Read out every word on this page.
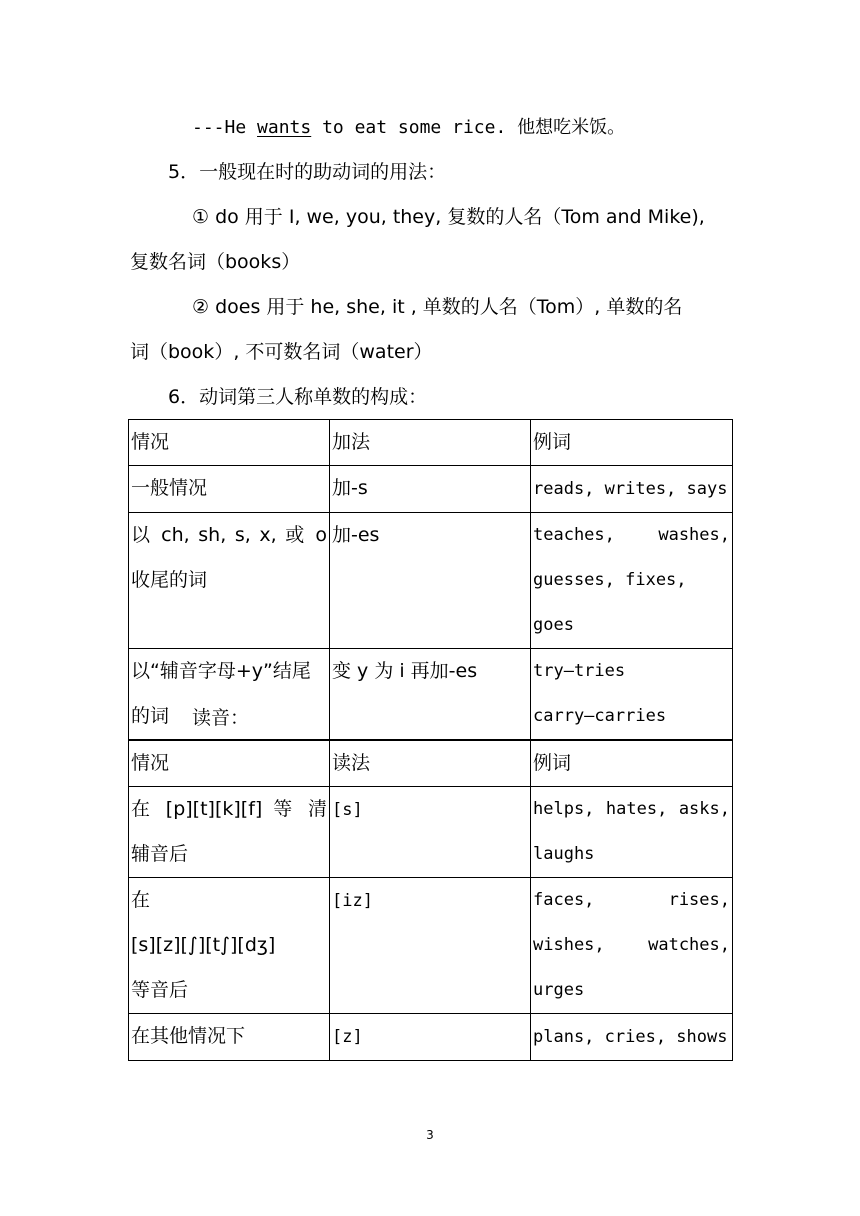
---He wants to eat some rice. 他想吃米饭。
5．一般现在时的助动词的用法：
① do 用于 I, we, you, they, 复数的人名（Tom and Mike),
复数名词（books）
② does 用于 he, she, it , 单数的人名（Tom）, 单数的名
词（book）, 不可数名词（water）
6．动词第三人称单数的构成：
情况	加法	例词
一般情况	加-s	reads, writes, says

以 ch, sh, s, x, 或 o
收尾的词	加-es	teaches, washes,
guesses, fixes, goes

以“辅音字母+y”结尾
的词	变 y 为 i 再加-es	try—tries
carry—carries
读音：
情况	读法	例词

在 [p][t][k][f] 等 清
辅音后	[s]	helps, hates, asks,
laughs

在
[s][z][∫][t∫][dʒ]
等音后	[iz]	faces, rises,
wishes, watches,
urges

在其他情况下	[z]	plans, cries, shows
3
